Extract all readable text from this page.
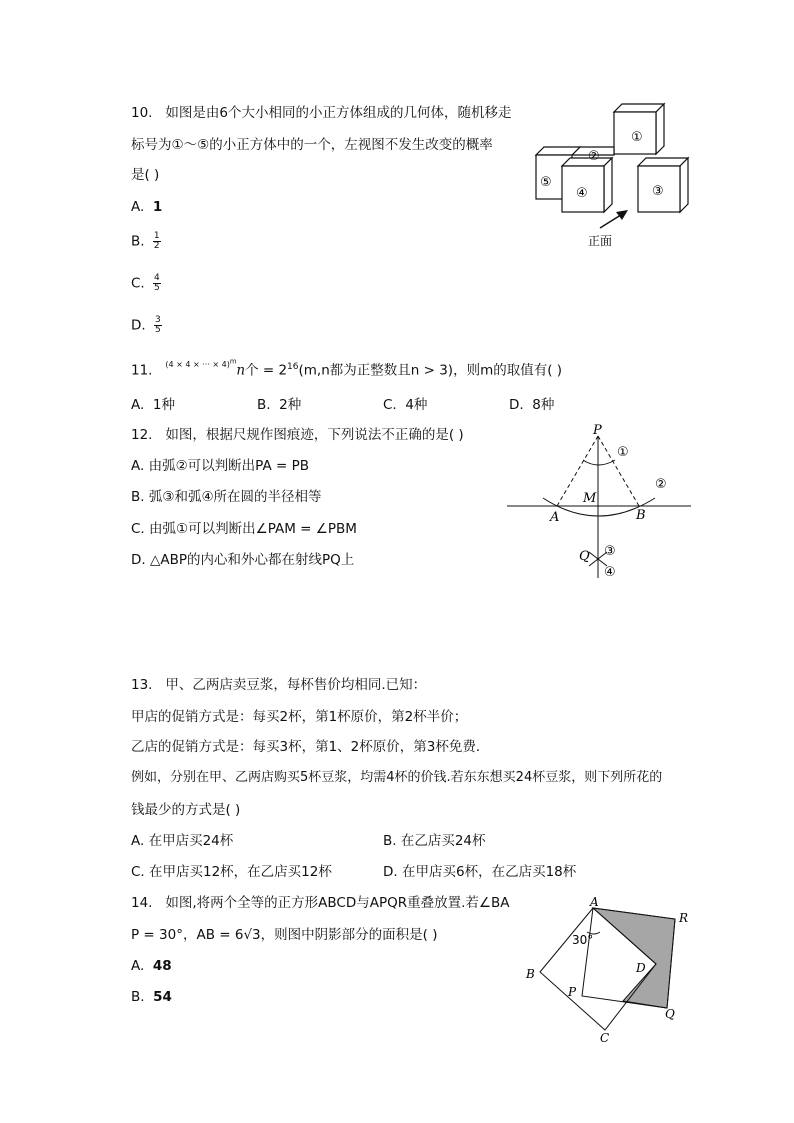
10. 如图是由6个大小相同的小正方体组成的几何体，随机移走
标号为①～⑤的小正方体中的一个，左视图不发生改变的概率
是( )
A. 1
B. $\frac{1}{2}$
C. $\frac{4}{5}$
D. $\frac{3}{5}$
①
②
③
④
⑤
正面
11. $^{(4 \times 4 \times \cdot\cdot\cdot \times 4)^m}$n个 = $2^{16}(m,n$都为正整数且n > 3)，则m的取值有( )
A. 1种	B. 2种	C. 4种	D. 8种
12. 如图，根据尺规作图痕迹，下列说法不正确的是( )
A. 由弧②可以判断出PA = PB
B. 弧③和弧④所在圆的半径相等
C. 由弧①可以判断出∠PAM = ∠PBM
D. △ABP的内心和外心都在射线PQ上
P
①
②
M
A	B
Q ③
④
13. 甲、乙两店卖豆浆，每杯售价均相同.已知：
甲店的促销方式是：每买2杯，第1杯原价，第2杯半价；
乙店的促销方式是：每买3杯，第1、2杯原价，第3杯免费．
例如，分别在甲、乙两店购买5杯豆浆，均需4杯的价钱.若东东想买24杯豆浆，则下列所花的
钱最少的方式是( )
A. 在甲店买24杯	B. 在乙店买24杯
C. 在甲店买12杯，在乙店买12杯	D. 在甲店买6杯，在乙店买18杯
14. 如图,将两个全等的正方形ABCD与APQR重叠放置.若∠BA
P = 30°，AB = 6√3，则图中阴影部分的面积是( )
A. 48
B. 54
A
R
30°
D
B
P
Q
C
